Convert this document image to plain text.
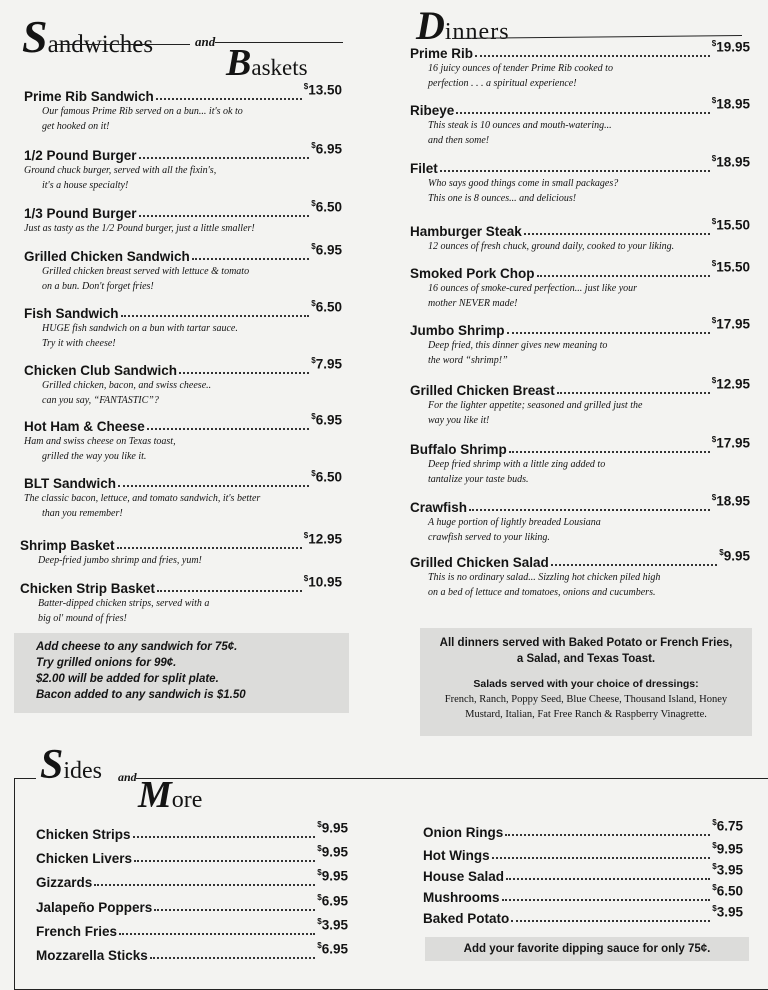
Sandwiches	and
Baskets
Prime Rib Sandwich
$13.50
Our famous Prime Rib served on a bun... it's ok to
get hooked on it!
1/2 Pound Burger
$6.95
Ground chuck burger, served with all the fixin's,
it's a house specialty!
1/3 Pound Burger
$6.50
Just as tasty as the 1/2 Pound burger, just a little smaller!
Grilled Chicken Sandwich
$6.95
Grilled chicken breast served with lettuce & tomato
on a bun. Don't forget fries!
Fish Sandwich
$6.50
HUGE fish sandwich on a bun with tartar sauce.
Try it with cheese!
Chicken Club Sandwich
$7.95
Grilled chicken, bacon, and swiss cheese..
can you say, “FANTASTIC”?
Hot Ham & Cheese
$6.95
Ham and swiss cheese on Texas toast,
grilled the way you like it.
BLT Sandwich
$6.50
The classic bacon, lettuce, and tomato sandwich, it's better
than you remember!
Shrimp Basket
$12.95
Deep-fried jumbo shrimp and fries, yum!
Chicken Strip Basket
$10.95
Batter-dipped chicken strips, served with a
big ol' mound of fries!

Add cheese to any sandwich for 75¢.

Try grilled onions for 99¢.

$2.00 will be added for split plate.

Bacon added to any sandwich is $1.50

Dinners
Prime Rib
$19.95
16 juicy ounces of tender Prime Rib cooked to
perfection . . . a spiritual experience!
Ribeye
$18.95
This steak is 10 ounces and mouth-watering...
and then some!
Filet
$18.95
Who says good things come in small packages?
This one is 8 ounces... and delicious!
Hamburger Steak
$15.50
12 ounces of fresh chuck, ground daily, cooked to your liking.
Smoked Pork Chop
$15.50
16 ounces of smoke-cured perfection... just like your
mother NEVER made!
Jumbo Shrimp
$17.95
Deep fried, this dinner gives new meaning to
the word “shrimp!”
Grilled Chicken Breast
$12.95
For the lighter appetite; seasoned and grilled just the
way you like it!
Buffalo Shrimp
$17.95
Deep fried shrimp with a little zing added to
tantalize your taste buds.
Crawfish
$18.95
A huge portion of lightly breaded Lousiana
crawfish served to your liking.
Grilled Chicken Salad
$9.95
This is no ordinary salad... Sizzling hot chicken piled high
on a bed of lettuce and tomatoes, onions and cucumbers.

All dinners served with Baked Potato or French Fries,

a Salad, and Texas Toast.

Salads served with your choice of dressings:

French, Ranch, Poppy Seed, Blue Cheese, Thousand Island, Honey

Mustard, Italian, Fat Free Ranch & Raspberry Vinagrette.

Sides and More
Chicken Strips
$9.95
Chicken Livers
$9.95
Gizzards
$9.95
Jalapeño Poppers
$6.95
French Fries
$3.95
Mozzarella Sticks
$6.95
Onion Rings
$6.75
Hot Wings
$9.95
House Salad
$3.95
Mushrooms
$6.50
Baked Potato
$3.95
Add your favorite dipping sauce for only 75¢.
